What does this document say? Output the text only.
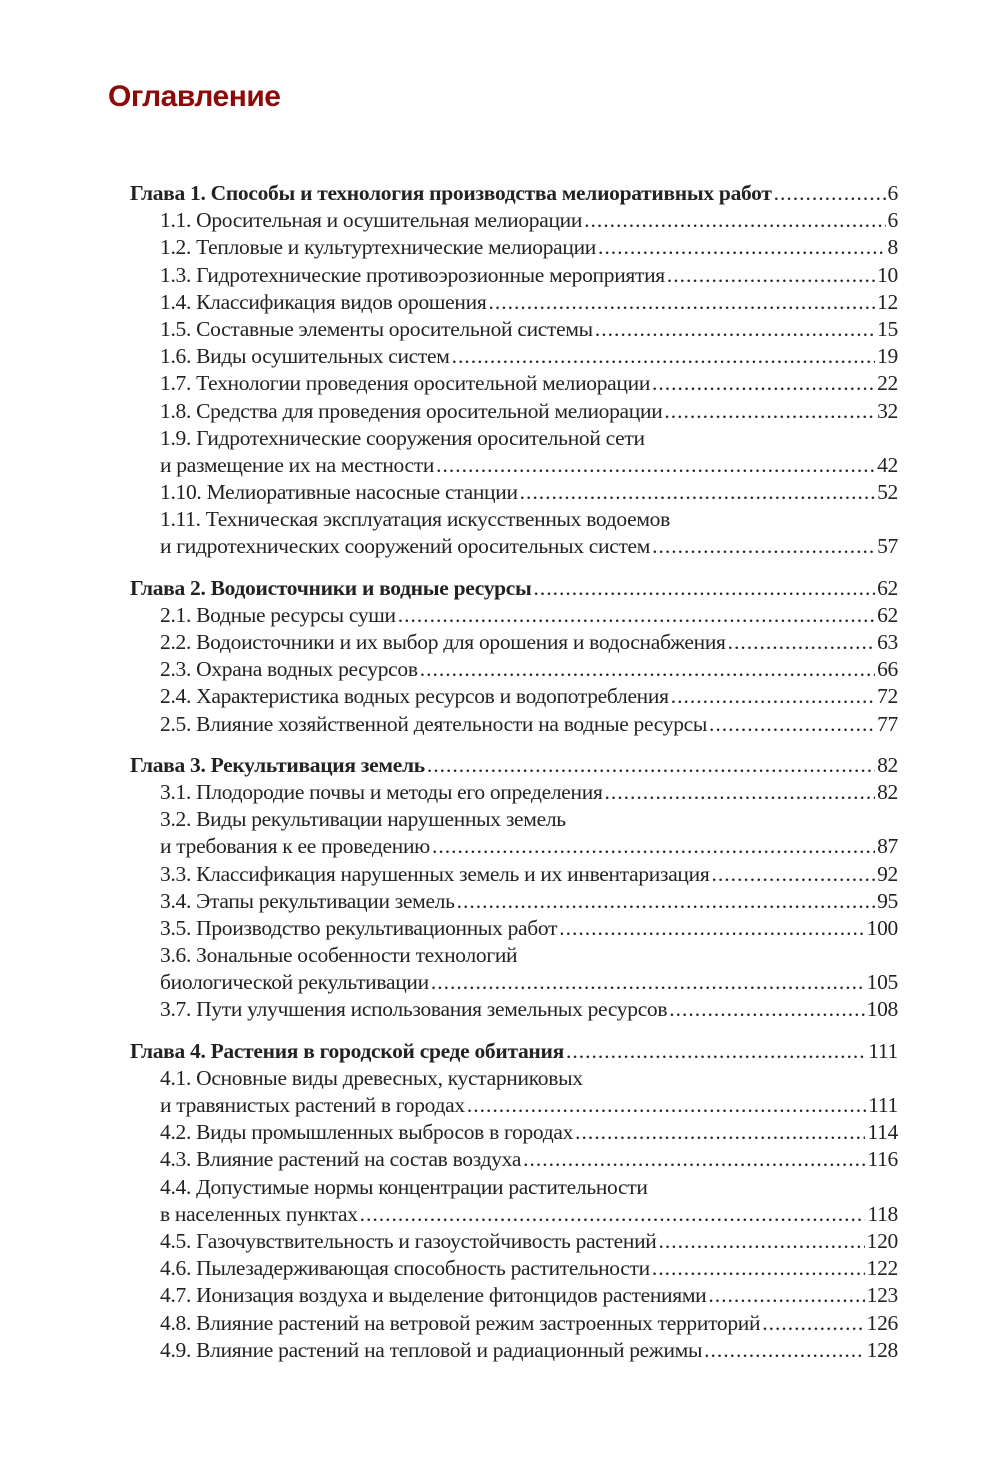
Оглавление
Глава 1. Способы и технология производства мелиоративных работ .....	6
1.1. Оросительная и осушительная мелиорации .....	6
1.2. Тепловые и культуртехнические мелиорации .....	8
1.3. Гидротехнические противоэрозионные мероприятия .....	10
1.4. Классификация видов орошения .....	12
1.5. Составные элементы оросительной системы .....	15
1.6. Виды осушительных систем .....	19
1.7. Технологии проведения оросительной мелиорации .....	22
1.8. Средства для проведения оросительной мелиорации .....	32
1.9. Гидротехнические сооружения оросительной сети
и размещение их на местности .....	42
1.10. Мелиоративные насосные станции .....	52
1.11. Техническая эксплуатация искусственных водоемов
и гидротехнических сооружений оросительных систем .....	57
Глава 2. Водоисточники и водные ресурсы .....	62
2.1. Водные ресурсы суши .....	62
2.2. Водоисточники и их выбор для орошения и водоснабжения .....	63
2.3. Охрана водных ресурсов .....	66
2.4. Характеристика водных ресурсов и водопотребления .....	72
2.5. Влияние хозяйственной деятельности на водные ресурсы .....	77
Глава 3. Рекультивация земель .....	82
3.1. Плодородие почвы и методы его определения .....	82
3.2. Виды рекультивации нарушенных земель
и требования к ее проведению .....	87
3.3. Классификация нарушенных земель и их инвентаризация .....	92
3.4. Этапы рекультивации земель .....	95
3.5. Производство рекультивационных работ .....	100
3.6. Зональные особенности технологий
биологической рекультивации .....	105
3.7. Пути улучшения использования земельных ресурсов .....	108
Глава 4. Растения в городской среде обитания .....	111
4.1. Основные виды древесных, кустарниковых
и травянистых растений в городах .....	111
4.2. Виды промышленных выбросов в городах .....	114
4.3. Влияние растений на состав воздуха .....	116
4.4. Допустимые нормы концентрации растительности
в населенных пунктах .....	118
4.5. Газочувствительность и газоустойчивость растений .....	120
4.6. Пылезадерживающая способность растительности .....	122
4.7. Ионизация воздуха и выделение фитонцидов растениями .....	123
4.8. Влияние растений на ветровой режим застроенных территорий .....	126
4.9. Влияние растений на тепловой и радиационный режимы .....	128
